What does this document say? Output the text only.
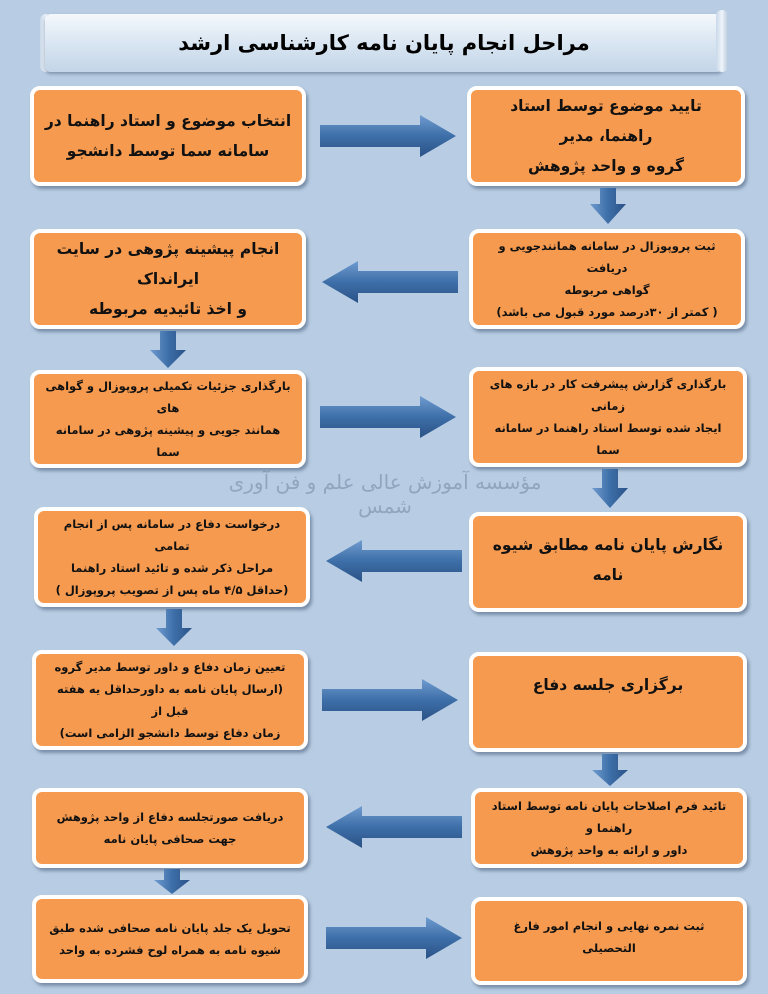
مراحل انجام پایان نامه کارشناسی ارشد
مؤسسه آموزش عالی علم و فن آوری شمس
انتخاب موضوع و استاد راهنما در
سامانه سما توسط دانشجو
تایید موضوع توسط استاد راهنما، مدیر
گروه و واحد پژوهش
انجام پیشینه پژوهی در سایت ایرانداک
و اخذ تائیدیه مربوطه
ثبت پروپوزال در سامانه همانندجویی و دریافت
گواهی مربوطه
( کمتر از ۳۰درصد مورد قبول می باشد)
بارگذاری جزئیات تکمیلی پروپوزال و گواهی های
همانند جویی و پیشینه پژوهی در سامانه سما
بارگذاری گزارش پیشرفت کار در بازه های زمانی
ایجاد شده توسط استاد راهنما در سامانه سما
درخواست دفاع در سامانه پس از انجام تمامی
مراحل ذکر شده و تائید استاد راهنما
(حداقل ۴/۵ ماه پس از تصویب پروپوزال )
نگارش پایان نامه مطابق شیوه نامه
تعیین زمان دفاع و داور توسط مدیر گروه
(ارسال پایان نامه به داورحداقل یه هفته قبل از
زمان دفاع توسط دانشجو الزامی است)
برگزاری جلسه دفاع
دریافت صورتجلسه دفاع از واحد پژوهش
جهت صحافی پایان نامه
تائید فرم اصلاحات پایان نامه توسط استاد راهنما و
داور و ارائه به واحد پژوهش
تحویل یک جلد پایان نامه صحافی شده طبق
شیوه نامه به همراه لوح فشرده به واحد
ثبت نمره نهایی و انجام امور فارغ التحصیلی
